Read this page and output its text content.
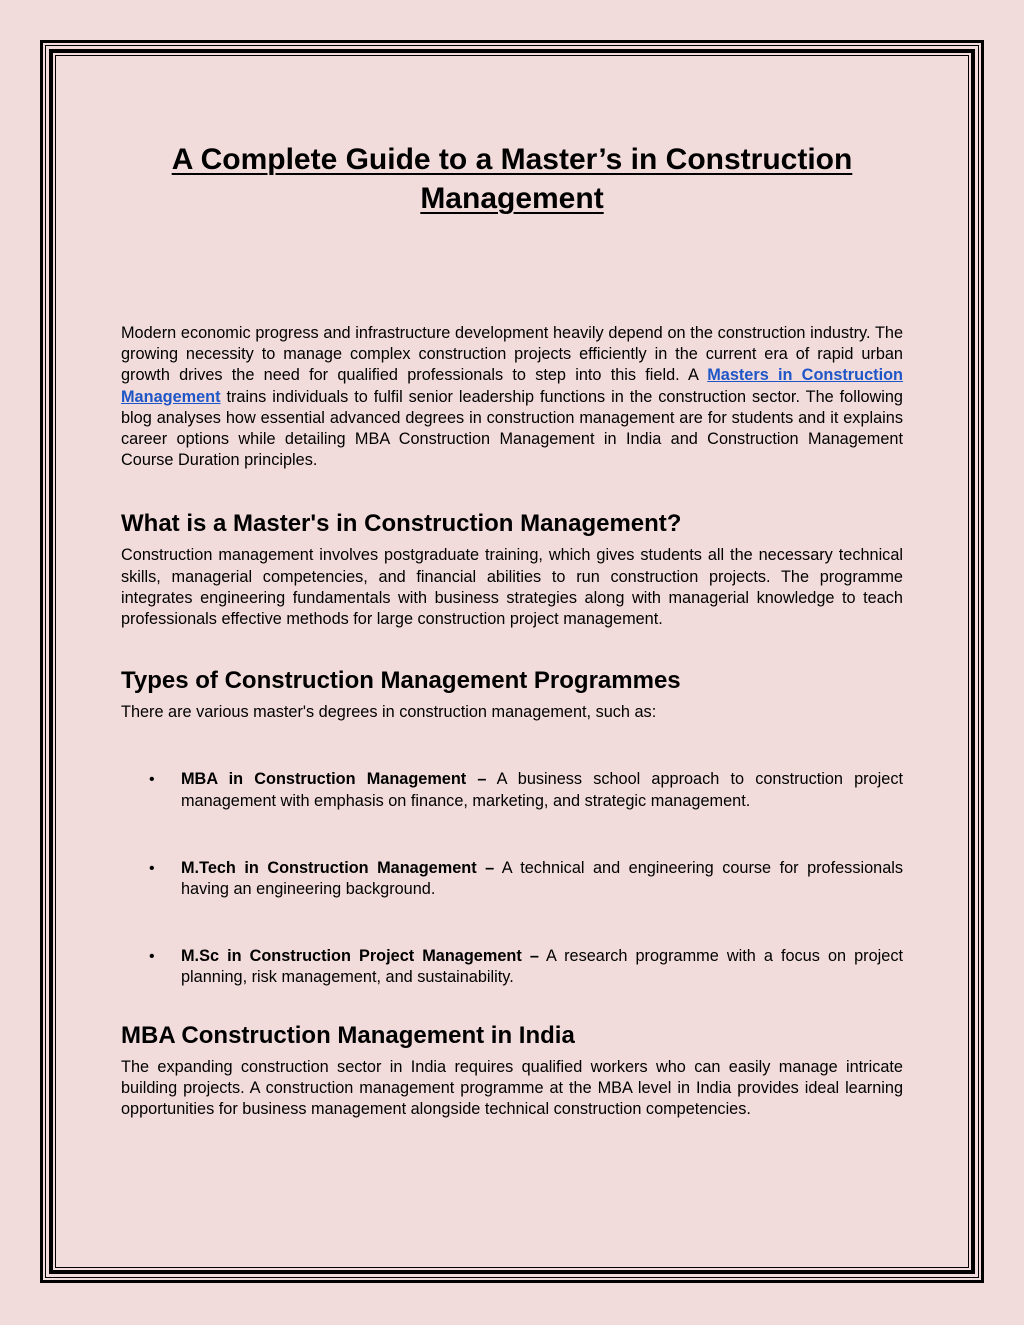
A Complete Guide to a Master’s in Construction Management

Modern economic progress and infrastructure development heavily depend on the construction industry. The growing necessity to manage complex construction projects efficiently in the current era of rapid urban growth drives the need for qualified professionals to step into this field. A Masters in Construction Management trains individuals to fulfil senior leadership functions in the construction sector. The following blog analyses how essential advanced degrees in construction management are for students and it explains career options while detailing MBA Construction Management in India and Construction Management Course Duration principles.

What is a Master's in Construction Management?

Construction management involves postgraduate training, which gives students all the necessary technical skills, managerial competencies, and financial abilities to run construction projects. The programme integrates engineering fundamentals with business strategies along with managerial knowledge to teach professionals effective methods for large construction project management.

Types of Construction Management Programmes

There are various master's degrees in construction management, such as:

• MBA in Construction Management – A business school approach to construction project management with emphasis on finance, marketing, and strategic management.
• M.Tech in Construction Management – A technical and engineering course for professionals having an engineering background.
• M.Sc in Construction Project Management – A research programme with a focus on project planning, risk management, and sustainability.
MBA Construction Management in India

The expanding construction sector in India requires qualified workers who can easily manage intricate building projects. A construction management programme at the MBA level in India provides ideal learning opportunities for business management alongside technical construction competencies.
